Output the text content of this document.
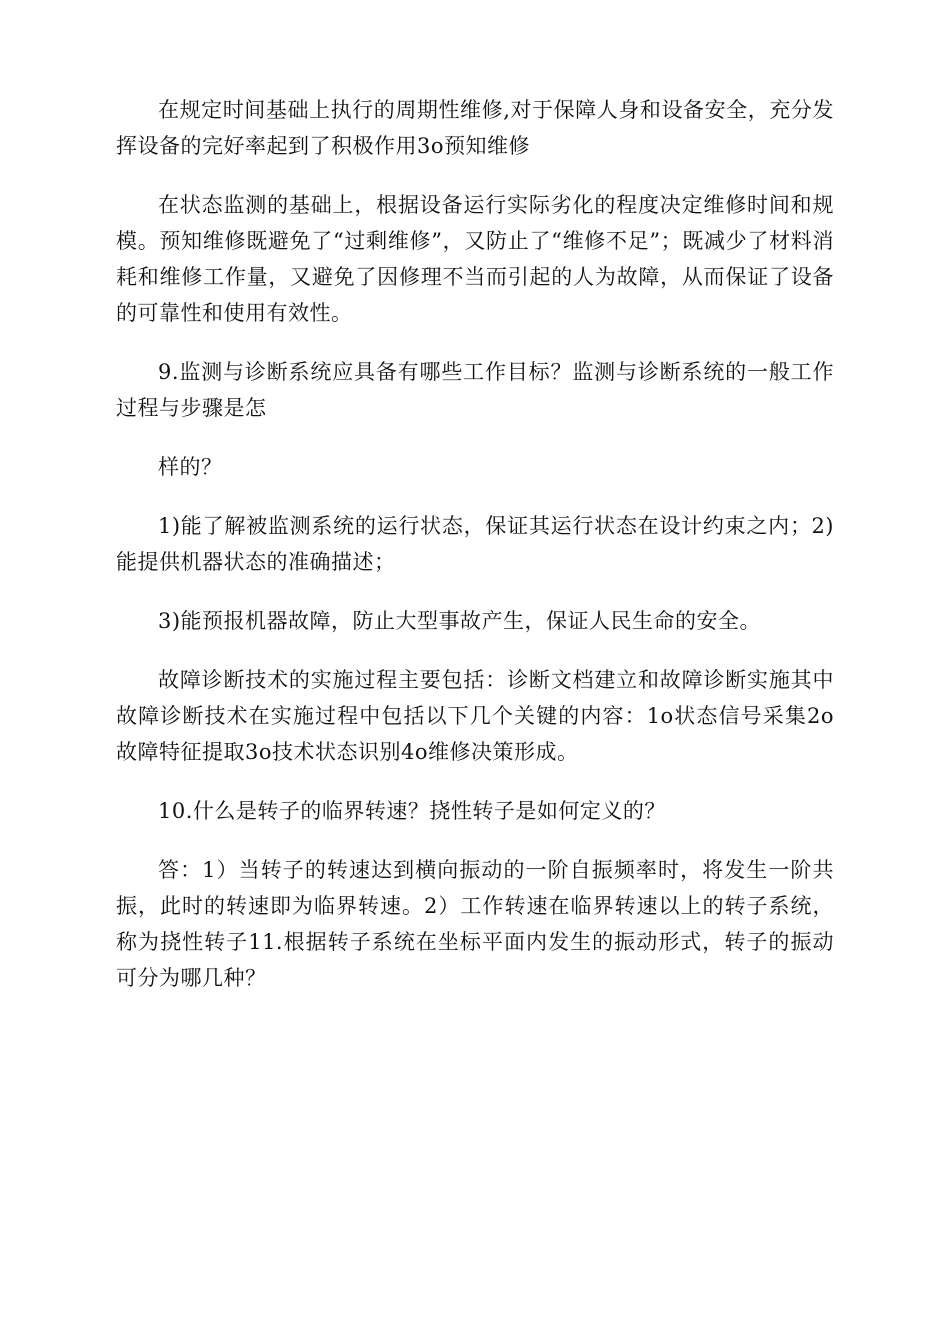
在规定时间基础上执行的周期性维修,对于保障人身和设备安全，充分发挥设备的完好率起到了积极作用3o预知维修

在状态监测的基础上，根据设备运行实际劣化的程度决定维修时间和规模。预知维修既避免了“过剩维修”，又防止了“维修不足”；既减少了材料消耗和维修工作量，又避免了因修理不当而引起的人为故障，从而保证了设备的可靠性和使用有效性。

9.监测与诊断系统应具备有哪些工作目标？监测与诊断系统的一般工作过程与步骤是怎

样的？

1)能了解被监测系统的运行状态，保证其运行状态在设计约束之内；2)能提供机器状态的准确描述；

3)能预报机器故障，防止大型事故产生，保证人民生命的安全。

故障诊断技术的实施过程主要包括：诊断文档建立和故障诊断实施其中故障诊断技术在实施过程中包括以下几个关键的内容：1o状态信号采集2o故障特征提取3o技术状态识别4o维修决策形成。

10.什么是转子的临界转速？挠性转子是如何定义的？

答：1）当转子的转速达到横向振动的一阶自振频率时，将发生一阶共振，此时的转速即为临界转速。2）工作转速在临界转速以上的转子系统，称为挠性转子11.根据转子系统在坐标平面内发生的振动形式，转子的振动可分为哪几种？
